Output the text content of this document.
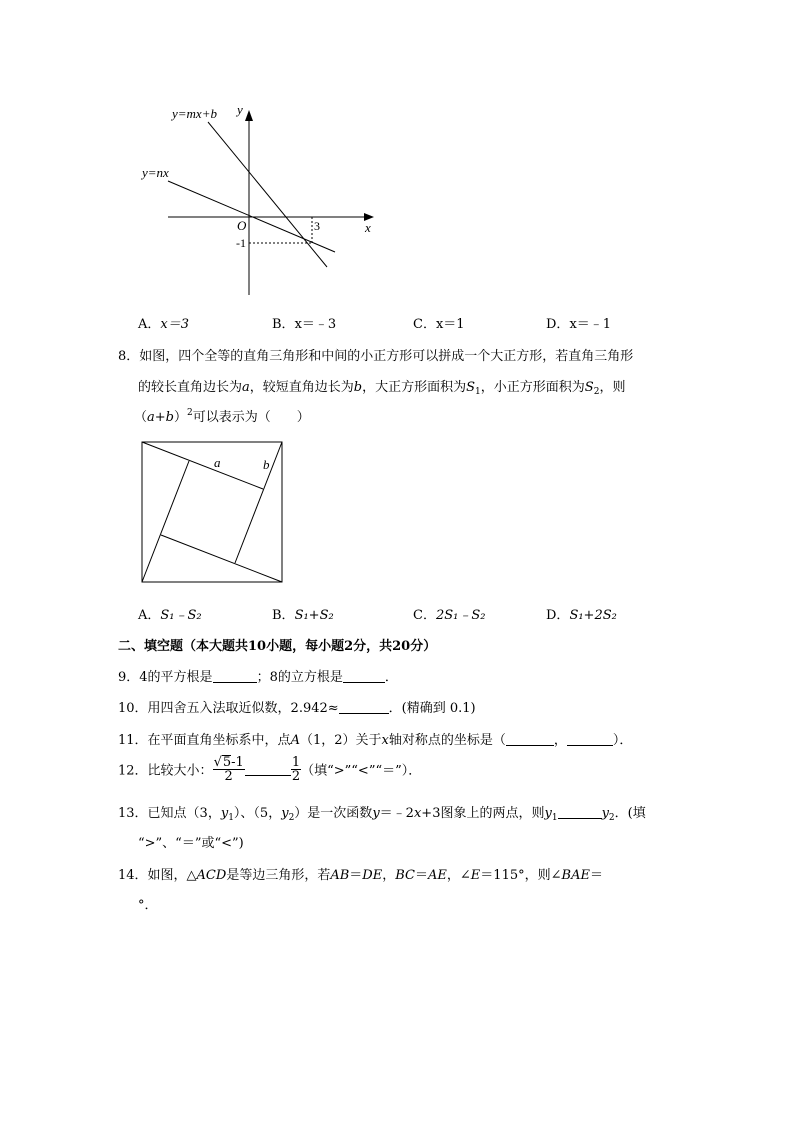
y=mx+b
y=nx
y
x
O	3
-1
A．x＝3	B．x＝﹣3	C．x＝1	D．x＝﹣1
8．如图，四个全等的直角三角形和中间的小正方形可以拼成一个大正方形，若直角三角形
的较长直角边长为a，较短直角边长为b，大正方形面积为$S_1$，小正方形面积为$S_2$，则
$(a+b)^2$可以表示为（　　）
a	b
A．S₁﹣S₂	B．S₁+S₂	C．2S₁﹣S₂	D．S₁+2S₂
二、填空题（本大题共10小题，每小题2分，共20分）
9．4的平方根是	；8的立方根是	．
10．用四舍五入法取近似数，2.942≈	．(精确到 0.1)
11．在平面直角坐标系中，点A（1，2）关于x轴对称点的坐标是（	，	）．
12．比较大小： $\frac{√5-1}{2}$	$\frac{1}{2}$ （填“>”“<”“＝”）．
13．已知点（3，$y_1$）、（5，$y_2$）是一次函数y＝﹣2x+3图象上的两点，则$y_1$	$y_2$．(填
“>”、“＝”或“<”)
14．如图，△ACD是等边三角形，若AB＝DE，BC＝AE，∠E＝115°，则∠BAE＝
°．
